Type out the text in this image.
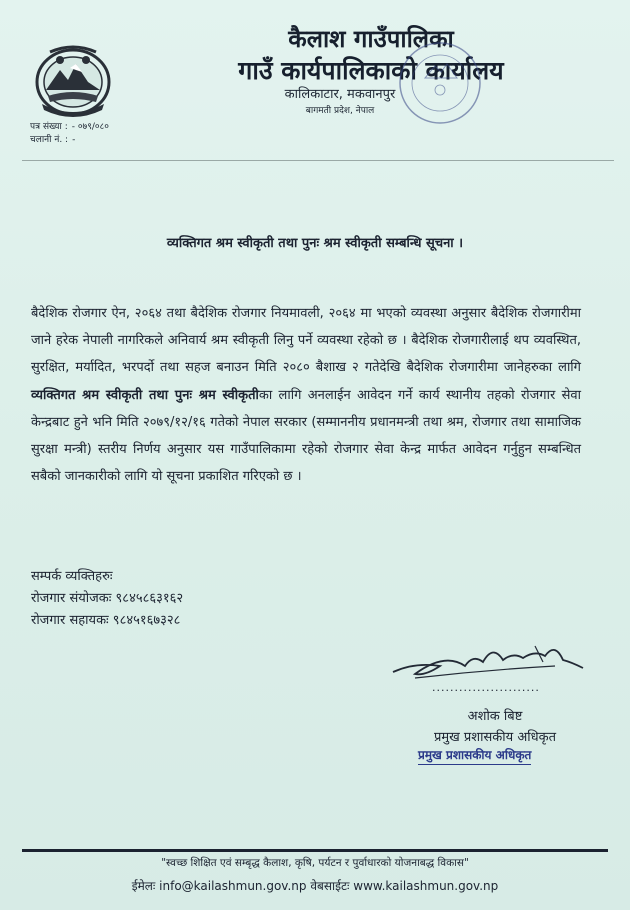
कैलाश गाउँपालिका
गाउँ कार्यपालिकाको कार्यालय
कालिकाटार, मकवानपुर
बागमती प्रदेश, नेपाल
पत्र संख्या : - ०७९/०८०
चलानी नं. : -
व्यक्तिगत श्रम स्वीकृती तथा पुनः श्रम स्वीकृती सम्बन्धि सूचना ।
बैदेशिक रोजगार ऐन, २०६४ तथा बैदेशिक रोजगार नियमावली, २०६४ मा भएको व्यवस्था अनुसार बैदेशिक रोजगारीमा जाने हरेक नेपाली नागरिकले अनिवार्य श्रम स्वीकृती लिनु पर्ने व्यवस्था रहेको छ । बैदेशिक रोजगारीलाई थप व्यवस्थित, सुरक्षित, मर्यादित, भरपर्दो तथा सहज बनाउन मिति २०८० बैशाख २ गतेदेखि बैदेशिक रोजगारीमा जानेहरुका लागि व्यक्तिगत श्रम स्वीकृती तथा पुनः श्रम स्वीकृतीका लागि अनलाईन आवेदन गर्ने कार्य स्थानीय तहको रोजगार सेवा केन्द्रबाट हुने भनि मिति २०७९/१२/१६ गतेको नेपाल सरकार (सम्माननीय प्रधानमन्त्री तथा श्रम, रोजगार तथा सामाजिक सुरक्षा मन्त्री) स्तरीय निर्णय अनुसार यस गाउँपालिकामा रहेको रोजगार सेवा केन्द्र मार्फत आवेदन गर्नुहुन सम्बन्धित सबैको जानकारीको लागि यो सूचना प्रकाशित गरिएको छ ।
सम्पर्क व्यक्तिहरुः
रोजगार संयोजकः ९८४५८६३१६२
रोजगार सहायकः ९८४५१६७३२८
........................
अशोक बिष्ट
प्रमुख प्रशासकीय अधिकृत
प्रमुख प्रशासकीय अधिकृत
"स्वच्छ शिक्षित एवं सम्बृद्ध कैलाश, कृषि, पर्यटन र पुर्वाधारको योजनाबद्ध विकास"
ईमेलः info@kailashmun.gov.np वेबसाईटः www.kailashmun.gov.np
